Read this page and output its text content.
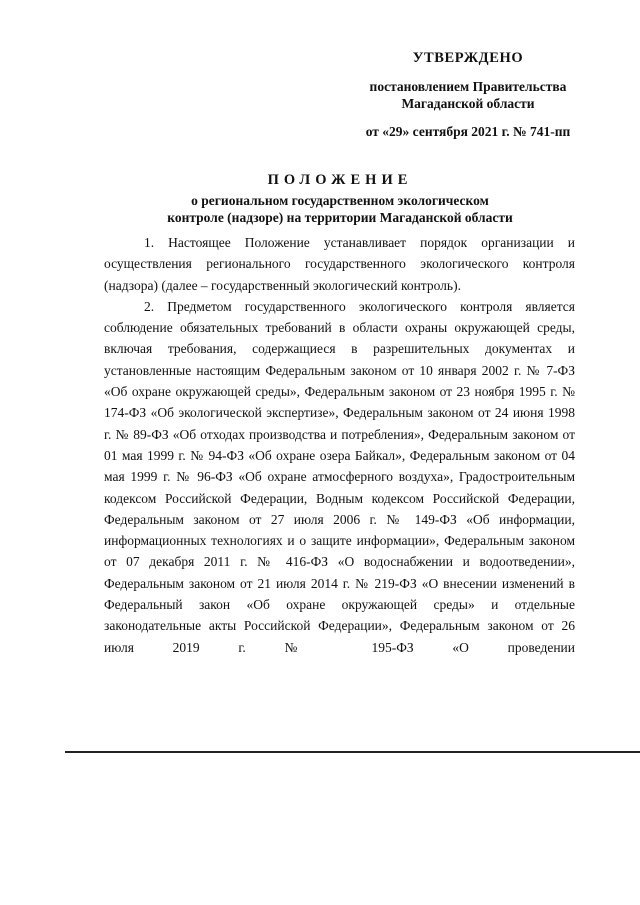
УТВЕРЖДЕНО
постановлением Правительства
Магаданской области
от «29» сентября 2021 г. № 741-пп
ПОЛОЖЕНИЕ
о региональном государственном экологическом
контроле (надзоре) на территории Магаданской области

1. Настоящее Положение устанавливает порядок организации и осуществления регионального государственного экологического контроля (надзора) (далее – государственный экологический контроль).

2. Предметом государственного экологического контроля является соблюдение обязательных требований в области охраны окружающей среды, включая требования, содержащиеся в разрешительных документах и установленные настоящим Федеральным законом от 10 января 2002 г. № 7-ФЗ «Об охране окружающей среды», Федеральным законом от 23 ноября 1995 г. № 174-ФЗ «Об экологической экспертизе», Федеральным законом от 24 июня 1998 г. № 89-ФЗ «Об отходах производства и потребления», Федеральным законом от 01 мая 1999 г. № 94-ФЗ «Об охране озера Байкал», Федеральным законом от 04 мая 1999 г. № 96-ФЗ «Об охране атмосферного воздуха», Градостроительным кодексом Российской Федерации, Водным кодексом Российской Федерации, Федеральным законом от 27 июля 2006 г. № 149-ФЗ «Об информации, информационных технологиях и о защите информации», Федеральным законом от 07 декабря 2011 г. № 416-ФЗ «О водоснабжении и водоотведении», Федеральным законом от 21 июля 2014 г. № 219-ФЗ «О внесении изменений в Федеральный закон «Об охране окружающей среды» и отдельные законодательные акты Российской Федерации», Федеральным законом от 26 июля 2019 г. № 195-ФЗ «О проведении
